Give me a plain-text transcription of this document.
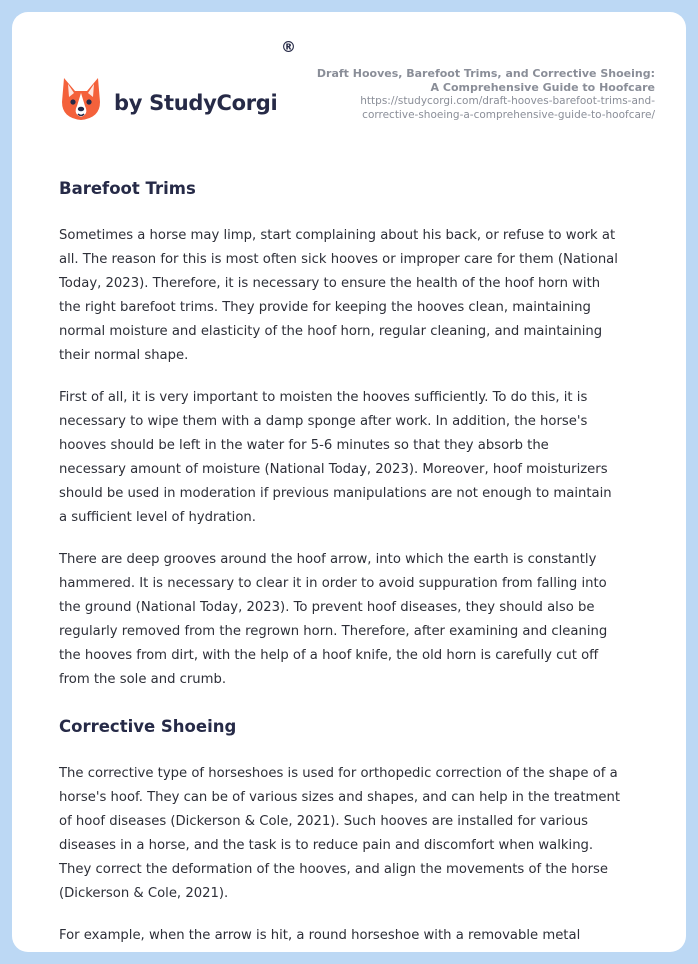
by StudyCorgi
®
Draft Hooves, Barefoot Trims, and Corrective Shoeing: A Comprehensive Guide to Hoofcare
https://studycorgi.com/draft-hooves-barefoot-trims-and-corrective-shoeing-a-comprehensive-guide-to-hoofcare/
Barefoot Trims

Sometimes a horse may limp, start complaining about his back, or refuse to work at
all. The reason for this is most often sick hooves or improper care for them (National
Today, 2023). Therefore, it is necessary to ensure the health of the hoof horn with
the right barefoot trims. They provide for keeping the hooves clean, maintaining
normal moisture and elasticity of the hoof horn, regular cleaning, and maintaining
their normal shape.

First of all, it is very important to moisten the hooves sufficiently. To do this, it is
necessary to wipe them with a damp sponge after work. In addition, the horse's
hooves should be left in the water for 5-6 minutes so that they absorb the
necessary amount of moisture (National Today, 2023). Moreover, hoof moisturizers
should be used in moderation if previous manipulations are not enough to maintain
a sufficient level of hydration.

There are deep grooves around the hoof arrow, into which the earth is constantly
hammered. It is necessary to clear it in order to avoid suppuration from falling into
the ground (National Today, 2023). To prevent hoof diseases, they should also be
regularly removed from the regrown horn. Therefore, after examining and cleaning
the hooves from dirt, with the help of a hoof knife, the old horn is carefully cut off
from the sole and crumb.

Corrective Shoeing

The corrective type of horseshoes is used for orthopedic correction of the shape of a
horse's hoof. They can be of various sizes and shapes, and can help in the treatment
of hoof diseases (Dickerson & Cole, 2021). Such hooves are installed for various
diseases in a horse, and the task is to reduce pain and discomfort when walking.
They correct the deformation of the hooves, and align the movements of the horse
(Dickerson & Cole, 2021).

For example, when the arrow is hit, a round horseshoe with a removable metal
